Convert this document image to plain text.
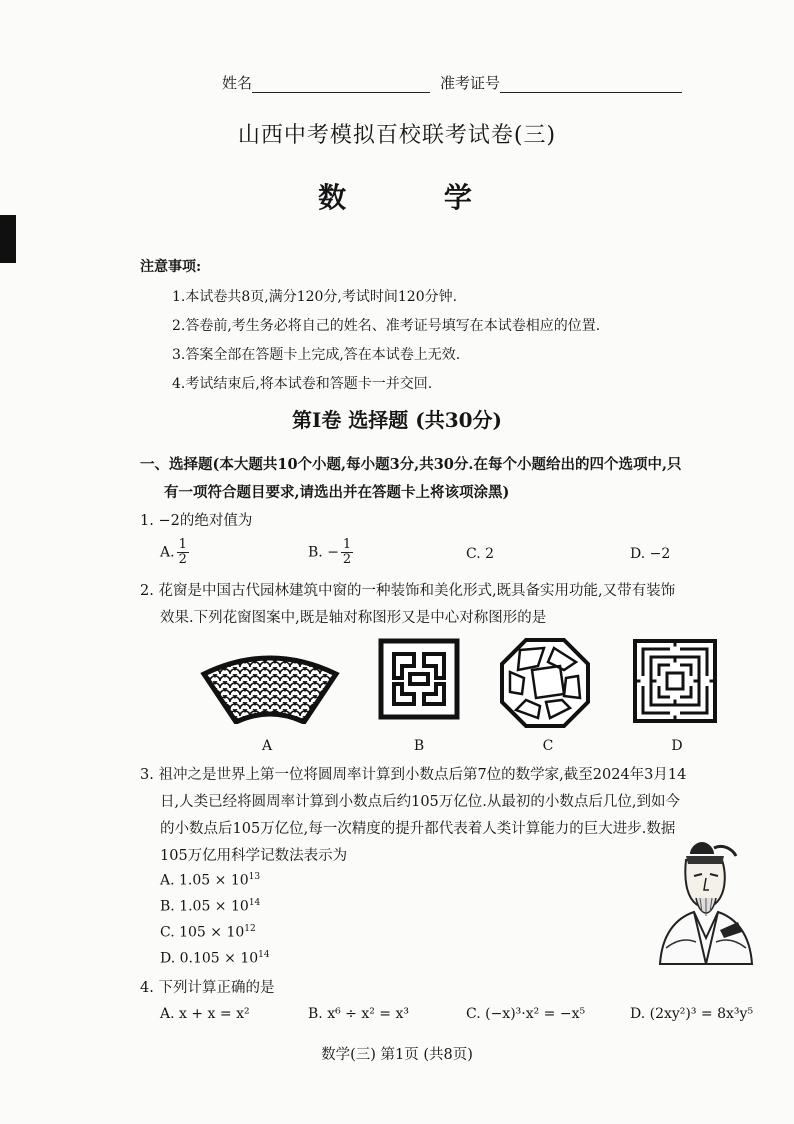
姓名	准考证号
山西中考模拟百校联考试卷(三)
数 学
注意事项:
1.本试卷共8页,满分120分,考试时间120分钟.
2.答卷前,考生务必将自己的姓名、准考证号填写在本试卷相应的位置.
3.答案全部在答题卡上完成,答在本试卷上无效.
4.考试结束后,将本试卷和答题卡一并交回.
第Ⅰ卷 选择题 (共30分)
一、选择题(本大题共10个小题,每小题3分,共30分.在每个小题给出的四个选项中,只
有一项符合题目要求,请选出并在答题卡上将该项涂黑)
1. −2的绝对值为
A. $\frac{1}{2}$	B. − $\frac{1}{2}$	C. 2	D. −2
2. 花窗是中国古代园林建筑中窗的一种装饰和美化形式,既具备实用功能,又带有装饰
效果.下列花窗图案中,既是轴对称图形又是中心对称图形的是
A	B	C	D
3. 祖冲之是世界上第一位将圆周率计算到小数点后第7位的数学家,截至2024年3月14
日,人类已经将圆周率计算到小数点后约105万亿位.从最初的小数点后几位,到如今
的小数点后105万亿位,每一次精度的提升都代表着人类计算能力的巨大进步.数据
105万亿用科学记数法表示为
A. $1.05 \times 10^{13}$
B. $1.05 \times 10^{14}$
C. $105 \times 10^{12}$
D. $0.105 \times 10^{14}$
4. 下列计算正确的是
A. x + x = x²	B. x⁶ ÷ x² = x³	C. (−x)³·x² = −x⁵	D. (2xy²)³ = 8x³y⁵
数学(三) 第1页 (共8页)
